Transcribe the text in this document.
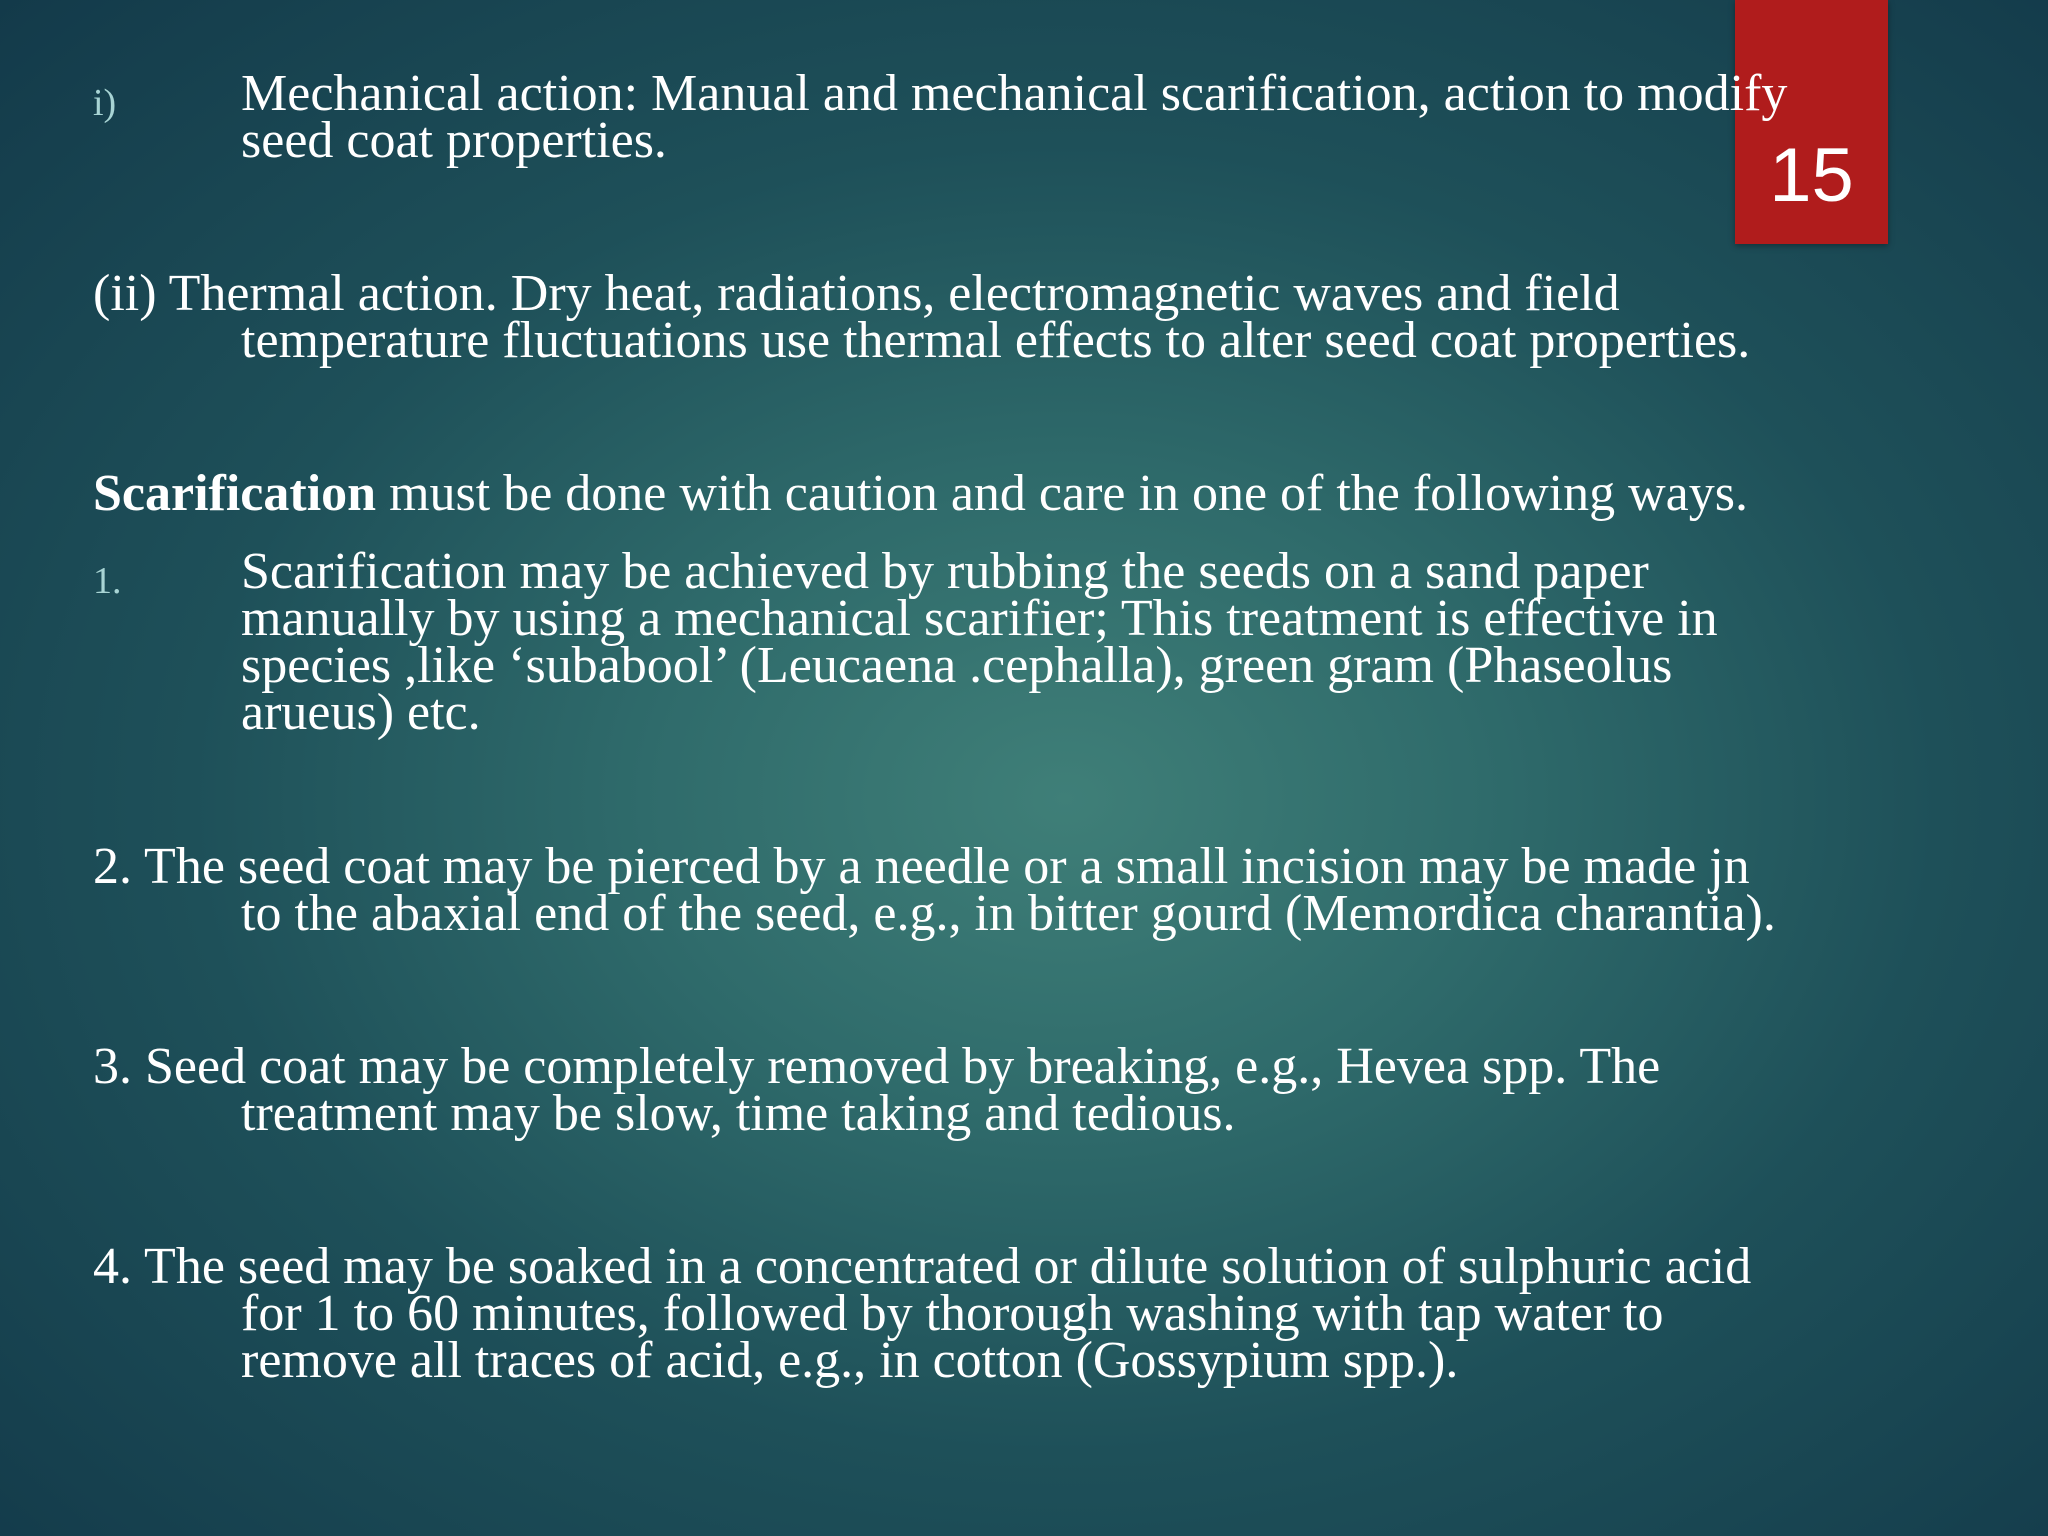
15
i) Mechanical action: Manual and mechanical scarification, action to modify
seed coat properties.
(ii) Thermal action. Dry heat, radiations, electromagnetic waves and field
temperature fluctuations use thermal effects to alter seed coat properties.
Scarification must be done with caution and care in one of the following ways.
1. Scarification may be achieved by rubbing the seeds on a sand paper
manually by using a mechanical scarifier; This treatment is effective in
species ,like ‘subabool’ (Leucaena .cephalla), green gram (Phaseolus
arueus) etc.
2. The seed coat may be pierced by a needle or a small incision may be made jn
to the abaxial end of the seed, e.g., in bitter gourd (Memordica charantia).
3. Seed coat may be completely removed by breaking, e.g., Hevea spp. The
treatment may be slow, time taking and tedious.
4. The seed may be soaked in a concentrated or dilute solution of sulphuric acid
for 1 to 60 minutes, followed by thorough washing with tap water to
remove all traces of acid, e.g., in cotton (Gossypium spp.).
